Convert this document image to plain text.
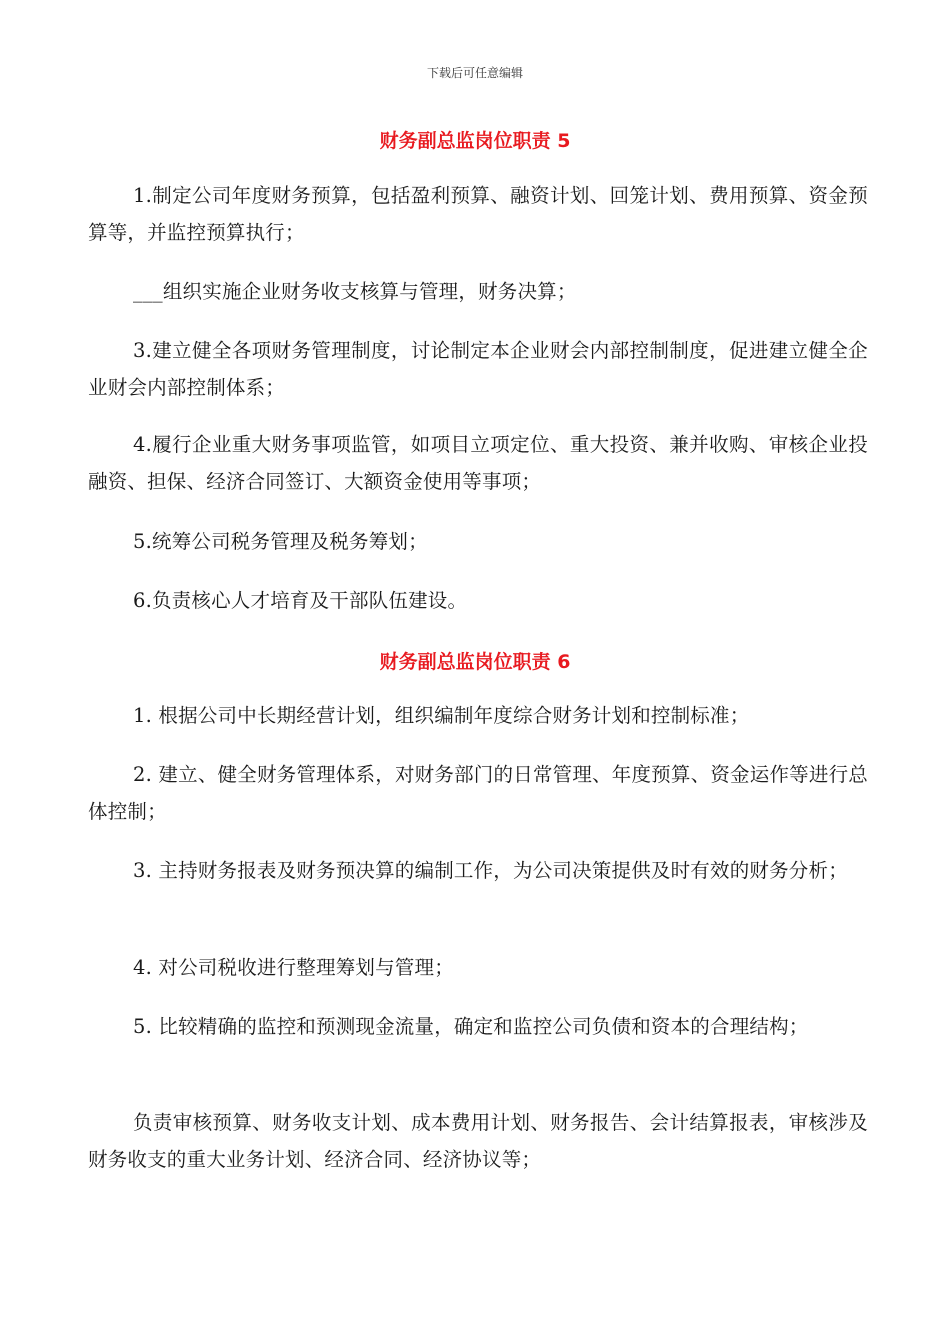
下载后可任意编辑
财务副总监岗位职责 5
1.制定公司年度财务预算，包括盈利预算、融资计划、回笼计划、费用预算、资金预算等，并监控预算执行；
___组织实施企业财务收支核算与管理，财务决算；
3.建立健全各项财务管理制度，讨论制定本企业财会内部控制制度，促进建立健全企业财会内部控制体系；
4.履行企业重大财务事项监管，如项目立项定位、重大投资、兼并收购、审核企业投融资、担保、经济合同签订、大额资金使用等事项；
5.统筹公司税务管理及税务筹划；
6.负责核心人才培育及干部队伍建设。
财务副总监岗位职责 6
1. 根据公司中长期经营计划，组织编制年度综合财务计划和控制标准；
2. 建立、健全财务管理体系，对财务部门的日常管理、年度预算、资金运作等进行总体控制；
3. 主持财务报表及财务预决算的编制工作，为公司决策提供及时有效的财务分析；
4. 对公司税收进行整理筹划与管理；
5. 比较精确的监控和预测现金流量，确定和监控公司负债和资本的合理结构；
负责审核预算、财务收支计划、成本费用计划、财务报告、会计结算报表，审核涉及财务收支的重大业务计划、经济合同、经济协议等；
